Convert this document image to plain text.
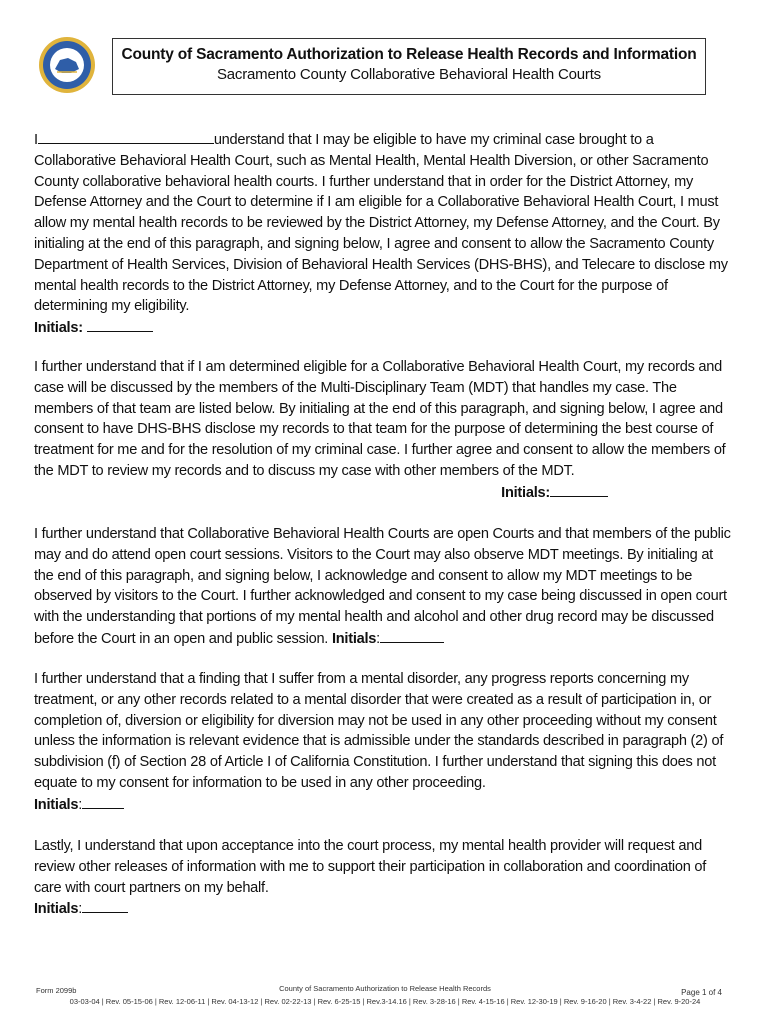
County of Sacramento Authorization to Release Health Records and Information
Sacramento County Collaborative Behavioral Health Courts
I	understand that I may be eligible to have my criminal case brought to a Collaborative Behavioral Health Court, such as Mental Health, Mental Health Diversion, or other Sacramento County collaborative behavioral health courts. I further understand that in order for the District Attorney, my Defense Attorney and the Court to determine if I am eligible for a Collaborative Behavioral Health Court, I must allow my mental health records to be reviewed by the District Attorney, my Defense Attorney, and the Court. By initialing at the end of this paragraph, and signing below, I agree and consent to allow the Sacramento County Department of Health Services, Division of Behavioral Health Services (DHS-BHS), and Telecare to disclose my mental health records to the District Attorney, my Defense Attorney, and to the Court for the purpose of determining my eligibility.
Initials:
I further understand that if I am determined eligible for a Collaborative Behavioral Health Court, my records and case will be discussed by the members of the Multi-Disciplinary Team (MDT) that handles my case. The members of that team are listed below. By initialing at the end of this paragraph, and signing below, I agree and consent to have DHS-BHS disclose my records to that team for the purpose of determining the best course of treatment for me and for the resolution of my criminal case. I further agree and consent to allow the members of the MDT to review my records and to discuss my case with other members of the MDT.
Initials:
I further understand that Collaborative Behavioral Health Courts are open Courts and that members of the public may and do attend open court sessions. Visitors to the Court may also observe MDT meetings. By initialing at the end of this paragraph, and signing below, I acknowledge and consent to allow my MDT meetings to be observed by visitors to the Court. I further acknowledged and consent to my case being discussed in open court with the understanding that portions of my mental health and alcohol and other drug record may be discussed before the Court in an open and public session. Initials:
I further understand that a finding that I suffer from a mental disorder, any progress reports concerning my treatment, or any other records related to a mental disorder that were created as a result of participation in, or completion of, diversion or eligibility for diversion may not be used in any other proceeding without my consent unless the information is relevant evidence that is admissible under the standards described in paragraph (2) of subdivision (f) of Section 28 of Article I of California Constitution. I further understand that signing this does not equate to my consent for information to be used in any other proceeding.
Initials:
Lastly, I understand that upon acceptance into the court process, my mental health provider will request and review other releases of information with me to support their participation in collaboration and coordination of care with court partners on my behalf.
Initials:
Form 2099b	County of Sacramento Authorization to Release Health Records
03-03-04 | Rev. 05-15-06 | Rev. 12-06-11 | Rev. 04-13-12 | Rev. 02-22-13 | Rev. 6-25-15 | Rev.3-14.16 | Rev. 3-28-16 | Rev. 4-15-16 | Rev. 12-30-19 | Rev. 9-16-20 | Rev. 3-4-22 | Rev. 9-20-24
Page 1 of 4
